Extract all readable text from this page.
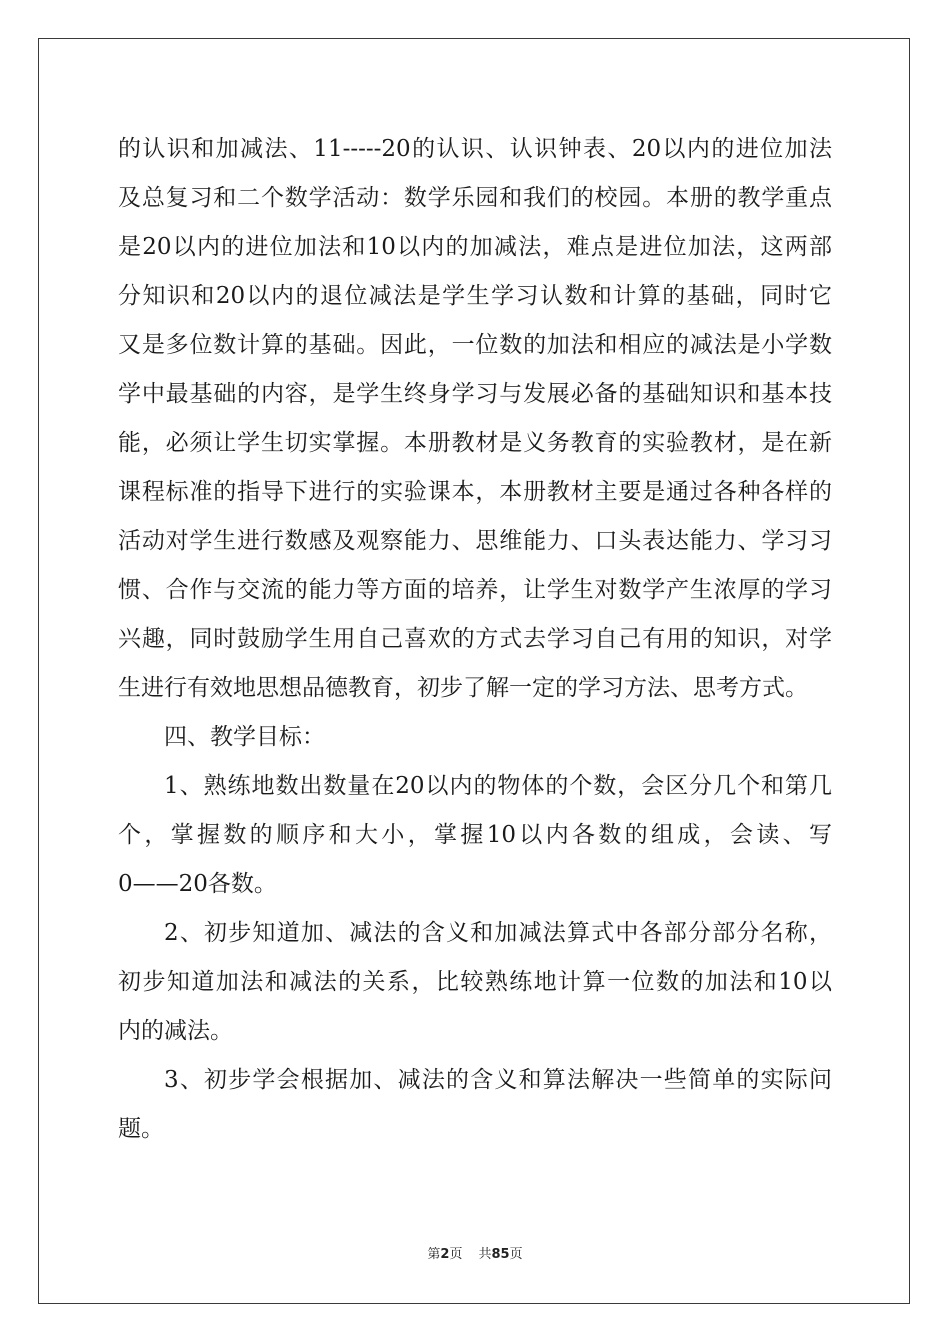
的认识和加减法、11-----20的认识、认识钟表、20以内的进位加法
及总复习和二个数学活动：数学乐园和我们的校园。本册的教学重点
是20以内的进位加法和10以内的加减法，难点是进位加法，这两部
分知识和20以内的退位减法是学生学习认数和计算的基础，同时它
又是多位数计算的基础。因此，一位数的加法和相应的减法是小学数
学中最基础的内容，是学生终身学习与发展必备的基础知识和基本技
能，必须让学生切实掌握。本册教材是义务教育的实验教材，是在新
课程标准的指导下进行的实验课本，本册教材主要是通过各种各样的
活动对学生进行数感及观察能力、思维能力、口头表达能力、学习习
惯、合作与交流的能力等方面的培养，让学生对数学产生浓厚的学习
兴趣，同时鼓励学生用自己喜欢的方式去学习自己有用的知识，对学
生进行有效地思想品德教育，初步了解一定的学习方法、思考方式。
四、教学目标：
1、熟练地数出数量在20以内的物体的个数，会区分几个和第几
个，掌握数的顺序和大小，掌握10以内各数的组成，会读、写
0——20各数。
2、初步知道加、减法的含义和加减法算式中各部分部分名称，
初步知道加法和减法的关系，比较熟练地计算一位数的加法和10以
内的减法。
3、初步学会根据加、减法的含义和算法解决一些简单的实际问
题。
第2页 共85页
